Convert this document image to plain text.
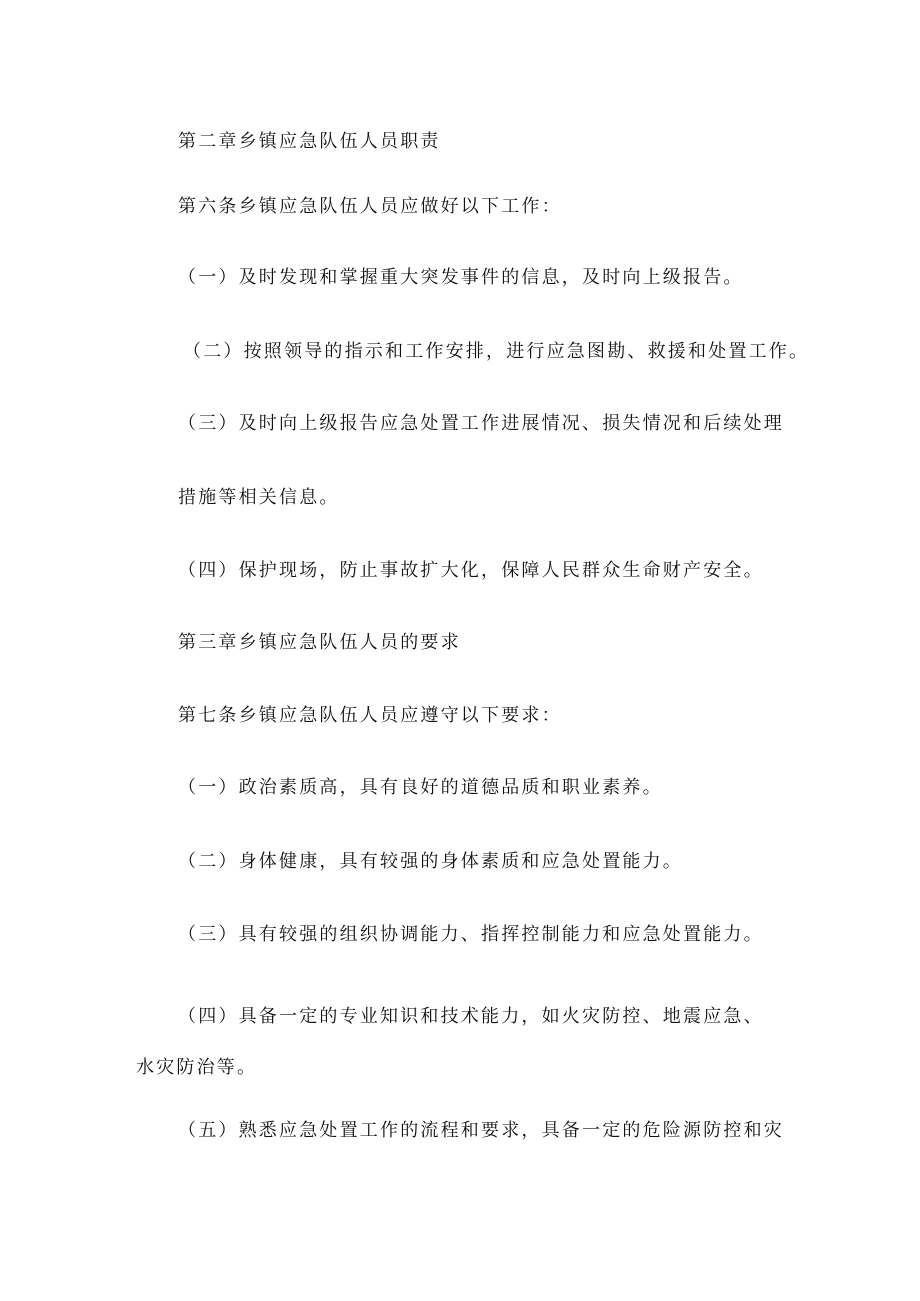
第二章乡镇应急队伍人员职责
第六条乡镇应急队伍人员应做好以下工作：
（一）及时发现和掌握重大突发事件的信息，及时向上级报告。
（二）按照领导的指示和工作安排，进行应急图勘、救援和处置工作。
（三）及时向上级报告应急处置工作进展情况、损失情况和后续处理
措施等相关信息。
（四）保护现场，防止事故扩大化，保障人民群众生命财产安全。
第三章乡镇应急队伍人员的要求
第七条乡镇应急队伍人员应遵守以下要求：
（一）政治素质高，具有良好的道德品质和职业素养。
（二）身体健康，具有较强的身体素质和应急处置能力。
（三）具有较强的组织协调能力、指挥控制能力和应急处置能力。
（四）具备一定的专业知识和技术能力，如火灾防控、地震应急、
水灾防治等。
（五）熟悉应急处置工作的流程和要求，具备一定的危险源防控和灾
